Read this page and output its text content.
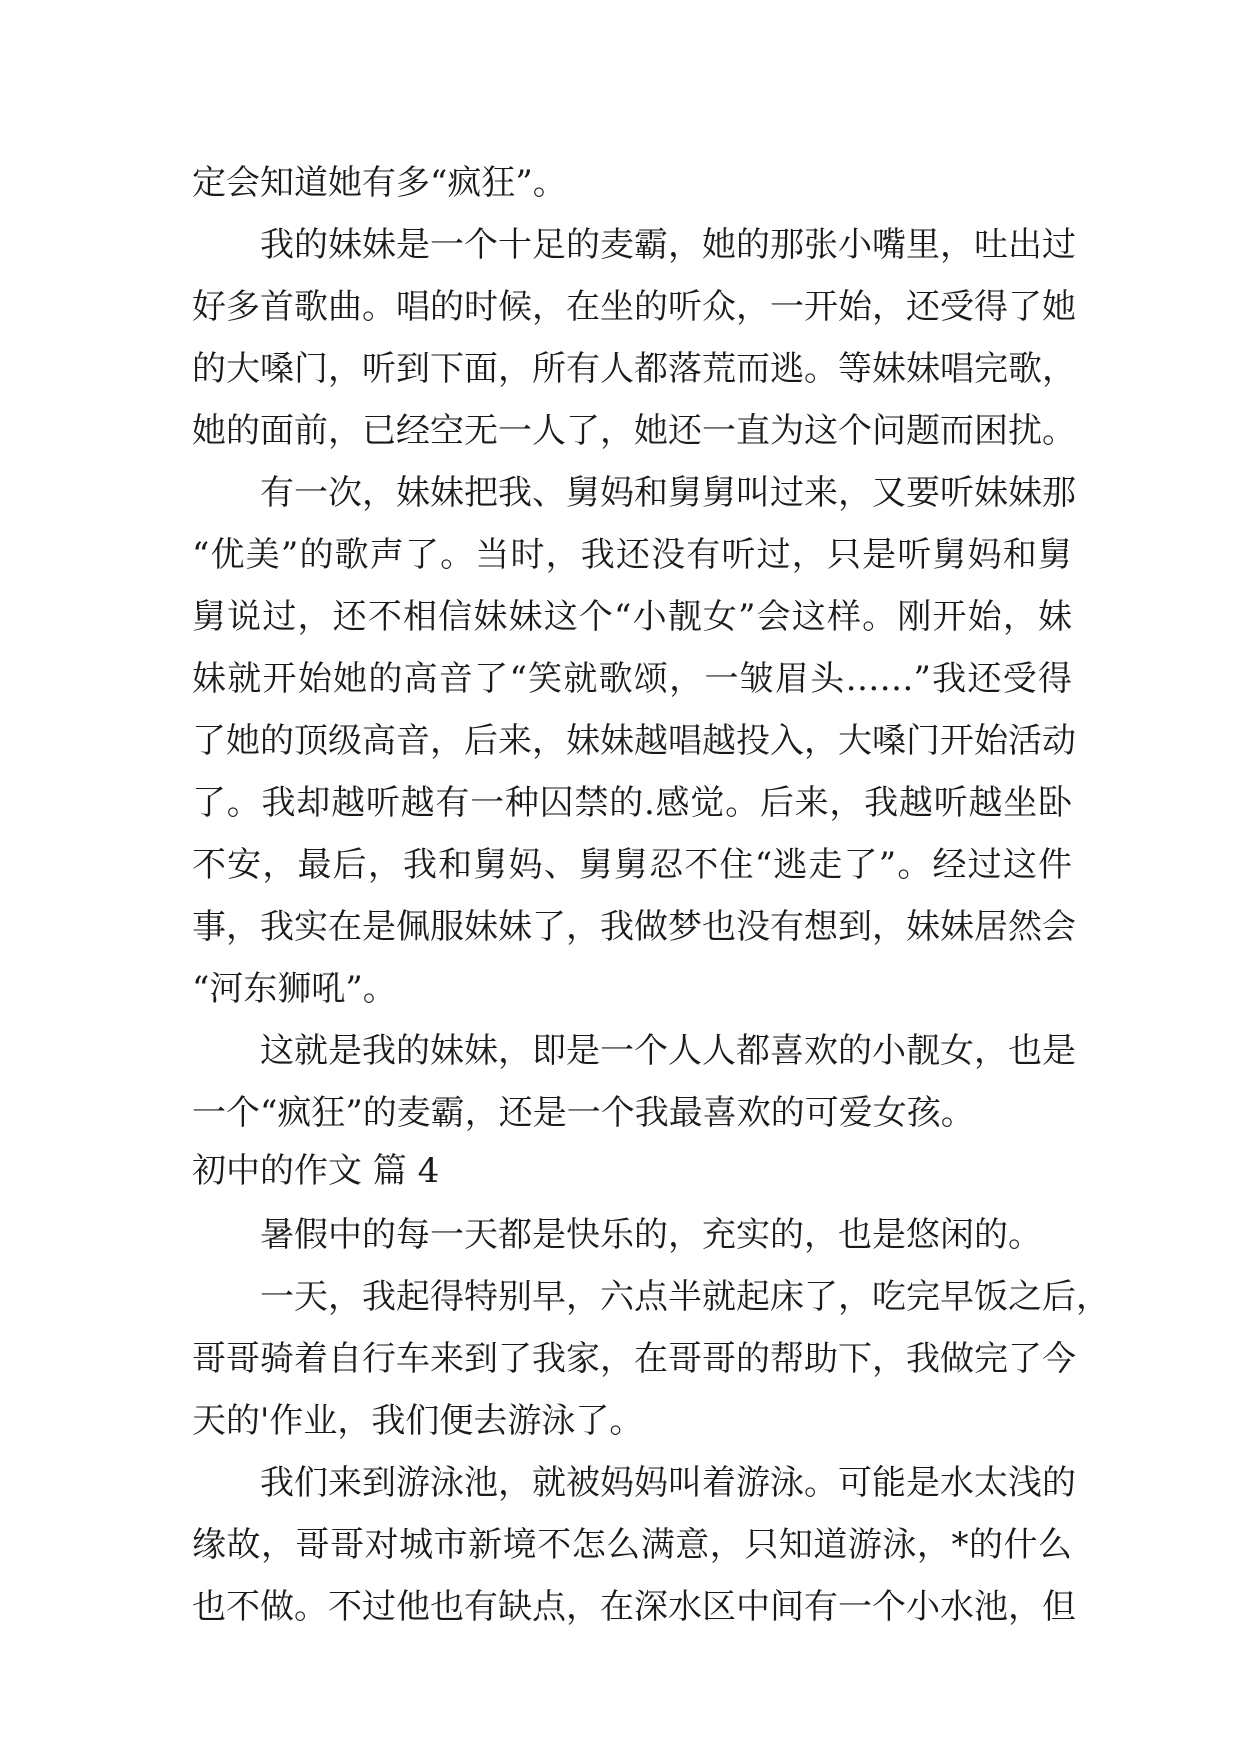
定会知道她有多“疯狂”。

我的妹妹是一个十足的麦霸，她的那张小嘴里，吐出过

好多首歌曲。唱的时候，在坐的听众，一开始，还受得了她

的大嗓门，听到下面，所有人都落荒而逃。等妹妹唱完歌，

她的面前，已经空无一人了，她还一直为这个问题而困扰。

有一次，妹妹把我、舅妈和舅舅叫过来，又要听妹妹那

“优美”的歌声了。当时，我还没有听过，只是听舅妈和舅

舅说过，还不相信妹妹这个“小靓女”会这样。刚开始，妹

妹就开始她的高音了“笑就歌颂，一皱眉头……”我还受得

了她的顶级高音，后来，妹妹越唱越投入，大嗓门开始活动

了。我却越听越有一种囚禁的.感觉。后来，我越听越坐卧

不安，最后，我和舅妈、舅舅忍不住“逃走了”。经过这件

事，我实在是佩服妹妹了，我做梦也没有想到，妹妹居然会

“河东狮吼”。

这就是我的妹妹，即是一个人人都喜欢的小靓女，也是

一个“疯狂”的麦霸，还是一个我最喜欢的可爱女孩。

初中的作文 篇 4

暑假中的每一天都是快乐的，充实的，也是悠闲的。

一天，我起得特别早，六点半就起床了，吃完早饭之后，

哥哥骑着自行车来到了我家，在哥哥的帮助下，我做完了今

天的'作业，我们便去游泳了。

我们来到游泳池，就被妈妈叫着游泳。可能是水太浅的

缘故，哥哥对城市新境不怎么满意，只知道游泳，*的什么

也不做。不过他也有缺点，在深水区中间有一个小水池，但
